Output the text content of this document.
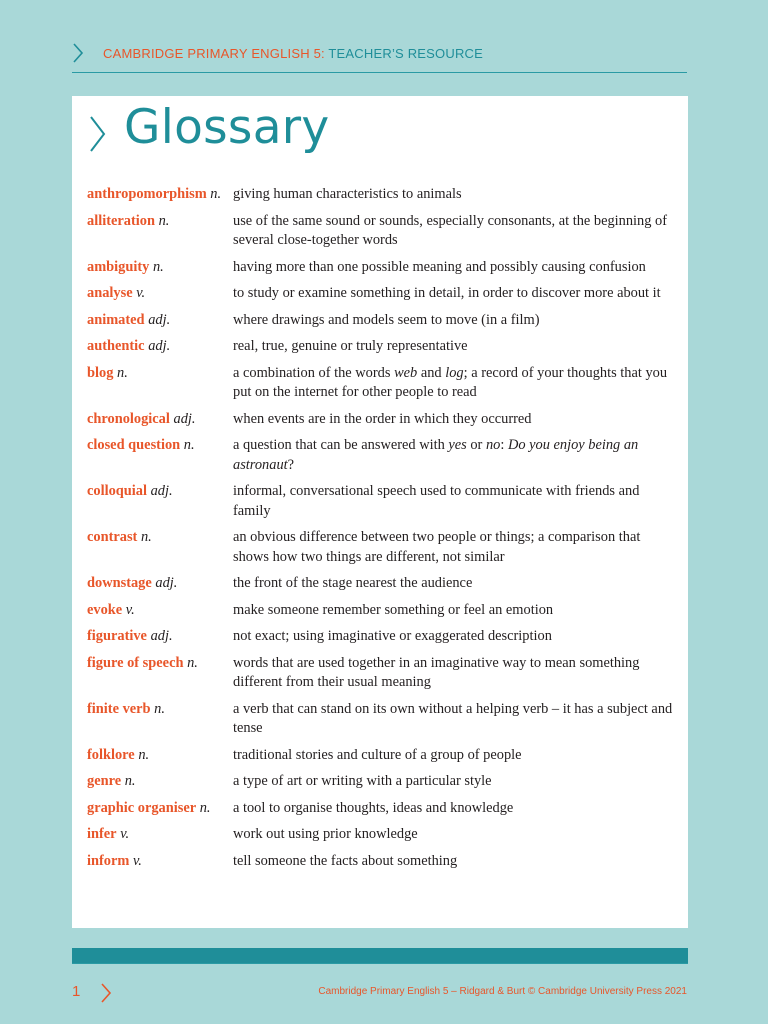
CAMBRIDGE PRIMARY ENGLISH 5: TEACHER’S RESOURCE
Glossary
anthropomorphism n. giving human characteristics to animals
alliteration n.	use of the same sound or sounds, especially consonants, at the beginning of several close-together words
ambiguity n.	having more than one possible meaning and possibly causing confusion
analyse v.	to study or examine something in detail, in order to discover more about it
animated adj.	where drawings and models seem to move (in a film)
authentic adj.	real, true, genuine or truly representative
blog n.	a combination of the words web and log; a record of your thoughts that you put on the internet for other people to read
chronological adj.	when events are in the order in which they occurred
closed question n.	a question that can be answered with yes or no: Do you enjoy being an astronaut?
colloquial adj.	informal, conversational speech used to communicate with friends and family
contrast n.	an obvious difference between two people or things; a comparison that shows how two things are different, not similar
downstage adj.	the front of the stage nearest the audience
evoke v.	make someone remember something or feel an emotion
figurative adj.	not exact; using imaginative or exaggerated description
figure of speech n.	words that are used together in an imaginative way to mean something different from their usual meaning
finite verb n.	a verb that can stand on its own without a helping verb – it has a subject and tense
folklore n.	traditional stories and culture of a group of people
genre n.	a type of art or writing with a particular style
graphic organiser n.	a tool to organise thoughts, ideas and knowledge
infer v.	work out using prior knowledge
inform v.	tell someone the facts about something
1	Cambridge Primary English 5 – Ridgard & Burt © Cambridge University Press 2021
